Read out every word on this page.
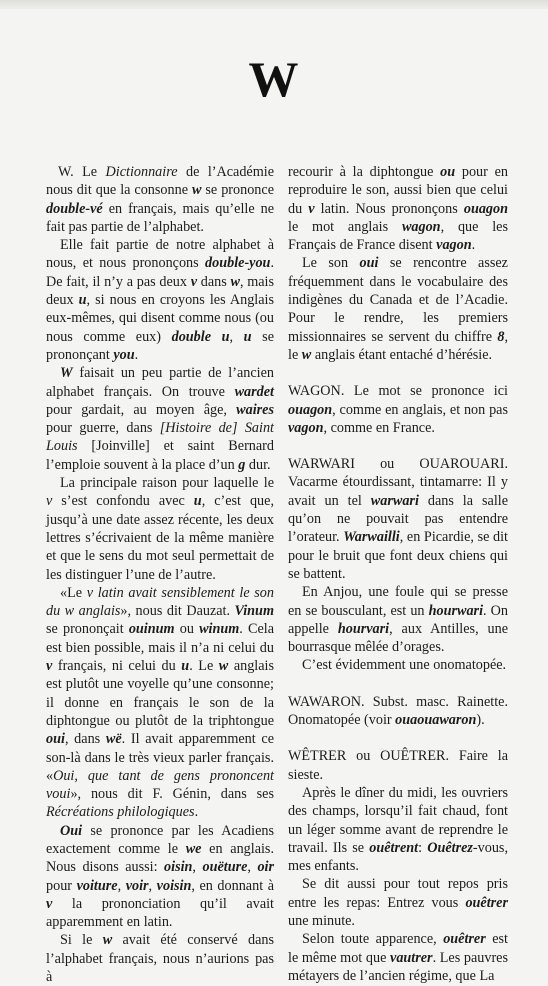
W

W. Le Dictionnaire de l’Académie nous dit que la consonne w se prononce double-vé en français, mais qu’elle ne fait pas partie de l’alphabet.

Elle fait partie de notre alphabet à nous, et nous prononçons double-you. De fait, il n’y a pas deux v dans w, mais deux u, si nous en croyons les Anglais eux-mêmes, qui disent comme nous (ou nous comme eux) double u, u se prononçant you.

W faisait un peu partie de l’ancien alphabet français. On trouve wardet pour gardait, au moyen âge, waires pour guerre, dans [Histoire de] Saint Louis [Joinville] et saint Bernard l’emploie souvent à la place d’un g dur.

La principale raison pour laquelle le v s’est confondu avec u, c’est que, jusqu’à une date assez récente, les deux lettres s’écrivaient de la même manière et que le sens du mot seul permettait de les distinguer l’une de l’autre.

«Le v latin avait sensiblement le son du w anglais», nous dit Dauzat. Vinum se prononçait ouinum ou winum. Cela est bien possible, mais il n’a ni celui du v français, ni celui du u. Le w anglais est plutôt une voyelle qu’une consonne; il donne en français le son de la diphtongue ou plutôt de la triphtongue oui, dans wë. Il avait apparemment ce son-là dans le très vieux parler français. «Oui, que tant de gens prononcent voui», nous dit F. Génin, dans ses Récréations philologiques.

Oui se prononce par les Acadiens exactement comme le we en anglais. Nous disons aussi: oisin, ouëture, oir pour voiture, voir, voisin, en donnant à v la prononciation qu’il avait apparemment en latin.

Si le w avait été conservé dans l’alphabet français, nous n’aurions pas à

recourir à la diphtongue ou pour en reproduire le son, aussi bien que celui du v latin. Nous prononçons ouagon le mot anglais wagon, que les Français de France disent vagon.

Le son oui se rencontre assez fréquemment dans le vocabulaire des indigènes du Canada et de l’Acadie. Pour le rendre, les premiers missionnaires se servent du chiffre 8, le w anglais étant entaché d’hérésie.

WAGON. Le mot se prononce ici ouagon, comme en anglais, et non pas vagon, comme en France.

WARWARI ou OUAROUARI. Vacarme étourdissant, tintamarre: Il y avait un tel warwari dans la salle qu’on ne pouvait pas entendre l’orateur. Warwailli, en Picardie, se dit pour le bruit que font deux chiens qui se battent.

En Anjou, une foule qui se presse en se bousculant, est un hourwari. On appelle hourvari, aux Antilles, une bourrasque mêlée d’orages.

C’est évidemment une onomatopée.

WAWARON. Subst. masc. Rainette. Onomatopée (voir ouaouawaron).

WÊTRER ou OUÊTRER. Faire la sieste.

Après le dîner du midi, les ouvriers des champs, lorsqu’il fait chaud, font un léger somme avant de reprendre le travail. Ils se ouêtrent: Ouêtrez-vous, mes enfants.

Se dit aussi pour tout repos pris entre les repas: Entrez vous ouêtrer une minute.

Selon toute apparence, ouêtrer est le même mot que vautrer. Les pauvres métayers de l’ancien régime, que La
